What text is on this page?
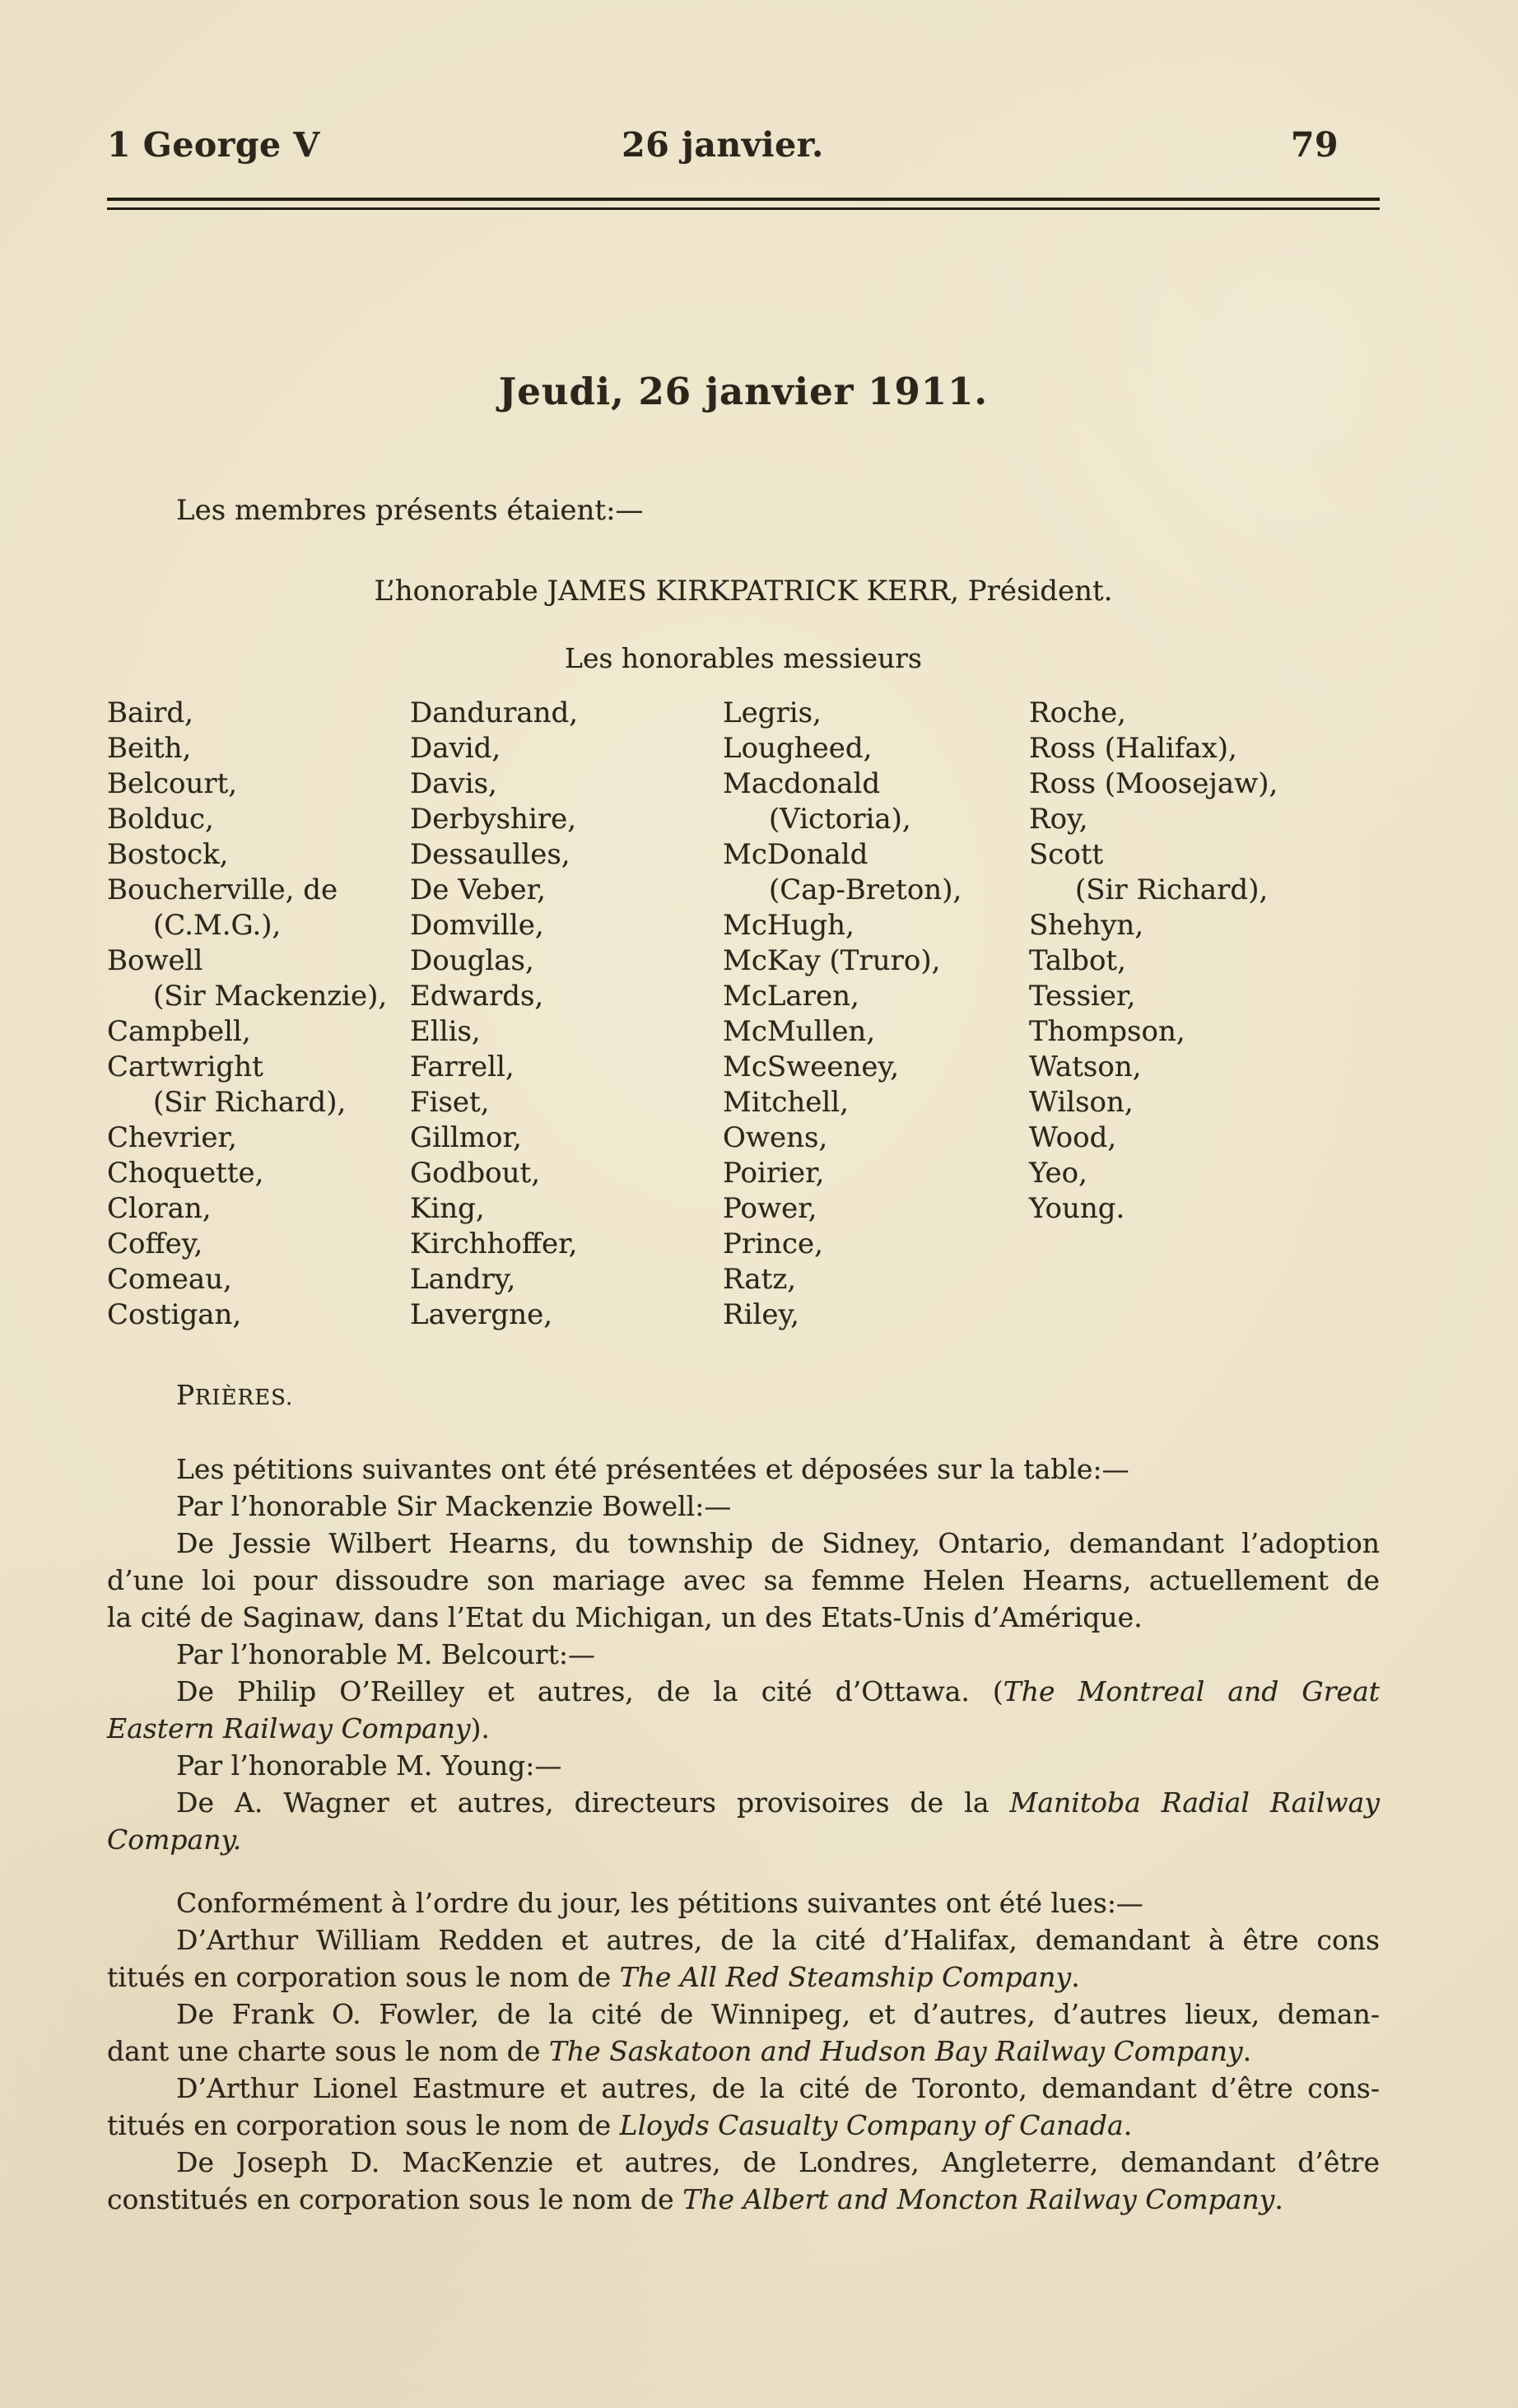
1 George V	26 janvier.	79
Jeudi, 26 janvier 1911.
Les membres présents étaient:—
L’honorable JAMES KIRKPATRICK KERR, Président.
Les honorables messieurs
Baird,
Beith,
Belcourt,
Bolduc,
Bostock,
Boucherville, de
(C.M.G.),
Bowell
(Sir Mackenzie),
Campbell,
Cartwright
(Sir Richard),
Chevrier,
Choquette,
Cloran,
Coffey,
Comeau,
Costigan,
Dandurand,
David,
Davis,
Derbyshire,
Dessaulles,
De Veber,
Domville,
Douglas,
Edwards,
Ellis,
Farrell,
Fiset,
Gillmor,
Godbout,
King,
Kirchhoffer,
Landry,
Lavergne,
Legris,
Lougheed,
Macdonald
(Victoria),
McDonald
(Cap-Breton),
McHugh,
McKay (Truro),
McLaren,
McMullen,
McSweeney,
Mitchell,
Owens,
Poirier,
Power,
Prince,
Ratz,
Riley,
Roche,
Ross (Halifax),
Ross (Moosejaw),
Roy,
Scott
(Sir Richard),
Shehyn,
Talbot,
Tessier,
Thompson,
Watson,
Wilson,
Wood,
Yeo,
Young.
PRIÈRES.
Les pétitions suivantes ont été présentées et déposées sur la table:—
Par l’honorable Sir Mackenzie Bowell:—
De Jessie Wilbert Hearns, du township de Sidney, Ontario, demandant l’adoption
d’une loi pour dissoudre son mariage avec sa femme Helen Hearns, actuellement de
la cité de Saginaw, dans l’Etat du Michigan, un des Etats-Unis d’Amérique.
Par l’honorable M. Belcourt:—
De Philip O’Reilley et autres, de la cité d’Ottawa. (The Montreal and Great
Eastern Railway Company).
Par l’honorable M. Young:—
De A. Wagner et autres, directeurs provisoires de la Manitoba Radial Railway
Company.
Conformément à l’ordre du jour, les pétitions suivantes ont été lues:—
D’Arthur William Redden et autres, de la cité d’Halifax, demandant à être cons
titués en corporation sous le nom de The All Red Steamship Company.
De Frank O. Fowler, de la cité de Winnipeg, et d’autres, d’autres lieux, deman-
dant une charte sous le nom de The Saskatoon and Hudson Bay Railway Company.
D’Arthur Lionel Eastmure et autres, de la cité de Toronto, demandant d’être cons-
titués en corporation sous le nom de Lloyds Casualty Company of Canada.
De Joseph D. MacKenzie et autres, de Londres, Angleterre, demandant d’être
constitués en corporation sous le nom de The Albert and Moncton Railway Company.
